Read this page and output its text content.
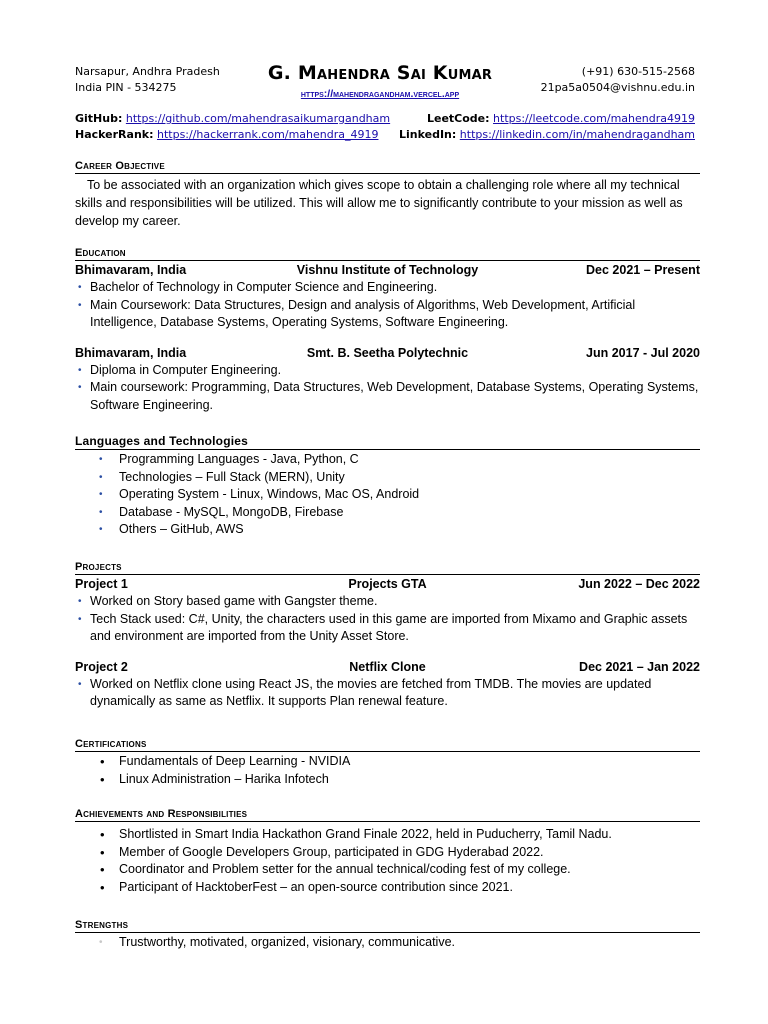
Narsapur, Andhra Pradesh
India PIN - 534275
G. Mahendra Sai Kumar
https://mahendragandham.vercel.app
(+91) 630-515-2568
21pa5a0504@vishnu.edu.in
GitHub: https://github.com/mahendrasaikumargandham	LeetCode: https://leetcode.com/mahendra4919
HackerRank: https://hackerrank.com/mahendra_4919 LinkedIn: https://linkedin.com/in/mahendragandham
Career Objective
To be associated with an organization which gives scope to obtain a challenging role where all my technical skills and responsibilities will be utilized. This will allow me to significantly contribute to your mission as well as develop my career.
Education
Bhimavaram, India	Vishnu Institute of Technology	Dec 2021 – Present
• Bachelor of Technology in Computer Science and Engineering.
• Main Coursework: Data Structures, Design and analysis of Algorithms, Web Development, Artificial Intelligence, Database Systems, Operating Systems, Software Engineering.
Bhimavaram, India	Smt. B. Seetha Polytechnic	Jun 2017 - Jul 2020
• Diploma in Computer Engineering.
• Main coursework: Programming, Data Structures, Web Development, Database Systems, Operating Systems, Software Engineering.
Languages and Technologies
• Programming Languages - Java, Python, C
• Technologies – Full Stack (MERN), Unity
• Operating System - Linux, Windows, Mac OS, Android
• Database - MySQL, MongoDB, Firebase
• Others – GitHub, AWS
Projects
Project 1	Projects GTA	Jun 2022 – Dec 2022
• Worked on Story based game with Gangster theme.
• Tech Stack used: C#, Unity, the characters used in this game are imported from Mixamo and Graphic assets and environment are imported from the Unity Asset Store.
Project 2	Netflix Clone	Dec 2021 – Jan 2022
• Worked on Netflix clone using React JS, the movies are fetched from TMDB. The movies are updated dynamically as same as Netflix. It supports Plan renewal feature.
Certifications
• Fundamentals of Deep Learning - NVIDIA
• Linux Administration – Harika Infotech
Achievements and Responsibilities
• Shortlisted in Smart India Hackathon Grand Finale 2022, held in Puducherry, Tamil Nadu.
• Member of Google Developers Group, participated in GDG Hyderabad 2022.
• Coordinator and Problem setter for the annual technical/coding fest of my college.
• Participant of HacktoberFest – an open-source contribution since 2021.
Strengths
• Trustworthy, motivated, organized, visionary, communicative.
